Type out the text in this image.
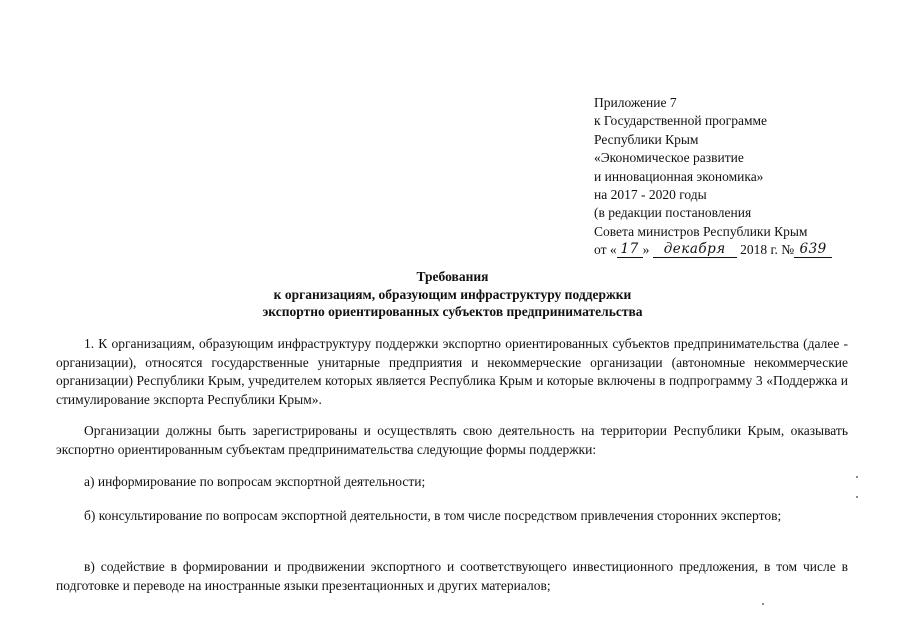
Приложение 7
к Государственной программе
Республики Крым
«Экономическое развитие
и инновационная экономика»
на 2017 - 2020 годы
(в редакции постановления
Совета министров Республики Крым
от « 17 » декабря 2018 г. № 639
Требования
к организациям, образующим инфраструктуру поддержки
экспортно ориентированных субъектов предпринимательства

1. К организациям, образующим инфраструктуру поддержки экспортно ориентированных субъектов предпринимательства (далее - организации), относятся государственные унитарные предприятия и некоммерческие организации (автономные некоммерческие организации) Республики Крым, учредителем которых является Республика Крым и которые включены в подпрограмму 3 «Поддержка и стимулирование экспорта Республики Крым».

Организации должны быть зарегистрированы и осуществлять свою деятельность на территории Республики Крым, оказывать экспортно ориентированным субъектам предпринимательства следующие формы поддержки:

а) информирование по вопросам экспортной деятельности;

б) консультирование по вопросам экспортной деятельности, в том числе посредством привлечения сторонних экспертов;

в) содействие в формировании и продвижении экспортного и соответствующего инвестиционного предложения, в том числе в подготовке и переводе на иностранные языки презентационных и других материалов;
